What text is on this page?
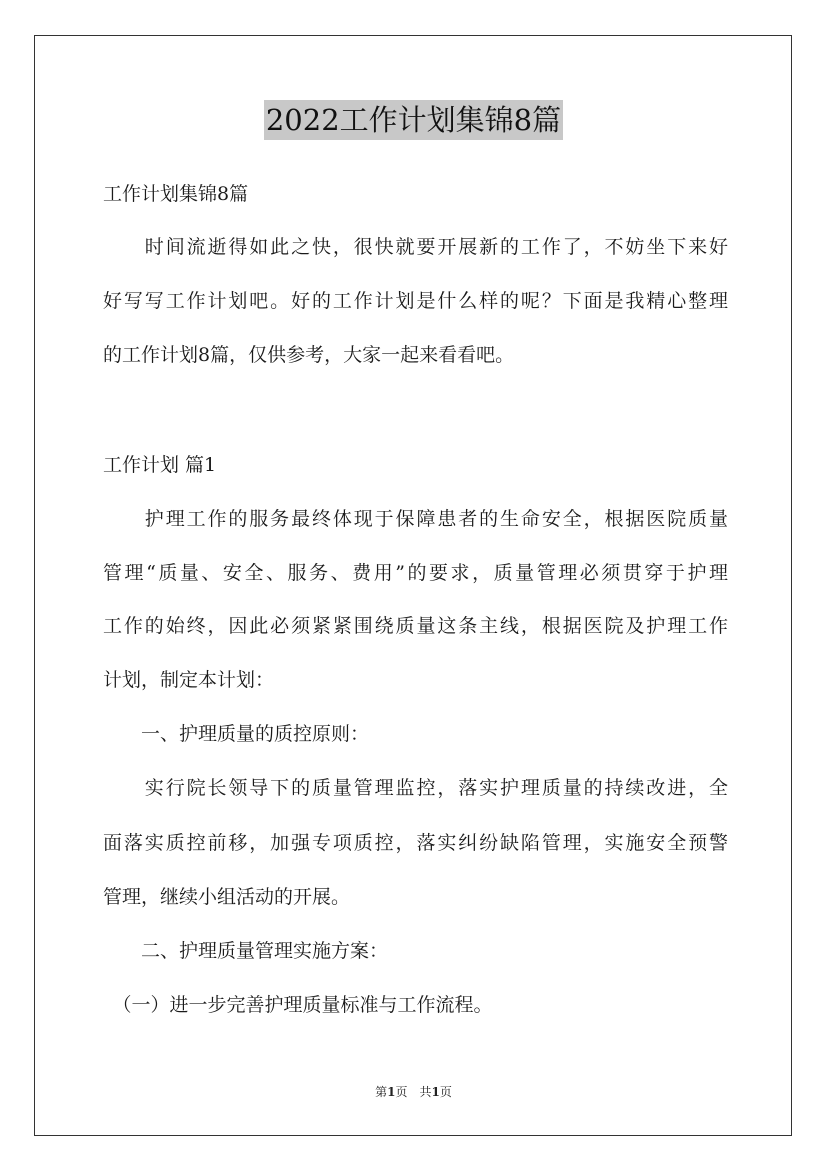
2022工作计划集锦8篇
工作计划集锦8篇
　　时间流逝得如此之快，很快就要开展新的工作了，不妨坐下来好
好写写工作计划吧。好的工作计划是什么样的呢？下面是我精心整理
的工作计划8篇，仅供参考，大家一起来看看吧。
工作计划 篇1
　　护理工作的服务最终体现于保障患者的生命安全，根据医院质量
管理“质量、安全、服务、费用”的要求，质量管理必须贯穿于护理
工作的始终，因此必须紧紧围绕质量这条主线，根据医院及护理工作
计划，制定本计划：
　　一、护理质量的质控原则：
　　实行院长领导下的质量管理监控，落实护理质量的持续改进，全
面落实质控前移，加强专项质控，落实纠纷缺陷管理，实施安全预警
管理，继续小组活动的开展。
　　二、护理质量管理实施方案：
　（一）进一步完善护理质量标准与工作流程。
第1页　共1页
